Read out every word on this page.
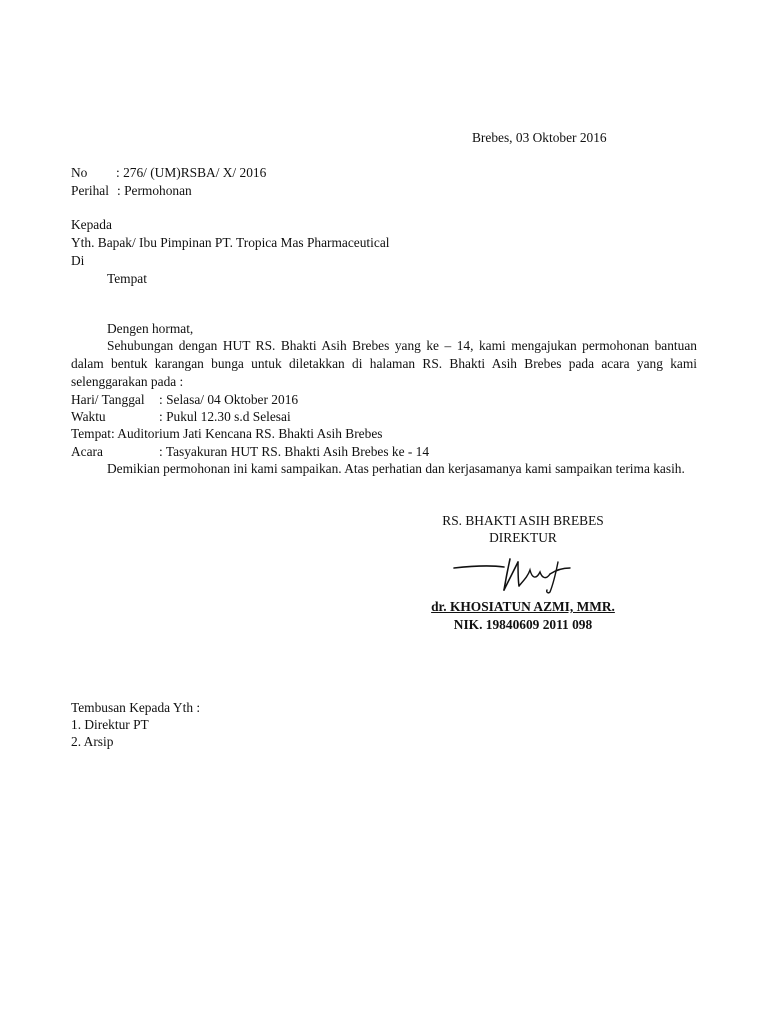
Brebes, 03 Oktober 2016
No : 276/ (UM)RSBA/ X/ 2016
Perihal : Permohonan
Kepada
Yth. Bapak/ Ibu Pimpinan PT. Tropica Mas Pharmaceutical
Di
Tempat
Dengen hormat,
Sehubungan dengan HUT RS. Bhakti Asih Brebes yang ke – 14, kami mengajukan permohonan bantuan dalam bentuk karangan bunga untuk diletakkan di halaman RS. Bhakti Asih Brebes pada acara yang kami selenggarakan pada :
Hari/ Tanggal : Selasa/ 04 Oktober 2016
Waktu	: Pukul 12.30 s.d Selesai
Tempat: Auditorium Jati Kencana RS. Bhakti Asih Brebes
Acara	: Tasyakuran HUT RS. Bhakti Asih Brebes ke - 14
Demikian permohonan ini kami sampaikan. Atas perhatian dan kerjasamanya kami sampaikan terima kasih.
RS. BHAKTI ASIH BREBES
DIREKTUR
dr. KHOSIATUN AZMI, MMR.
NIK. 19840609 2011 098
Tembusan Kepada Yth :
1. Direktur PT
2. Arsip
